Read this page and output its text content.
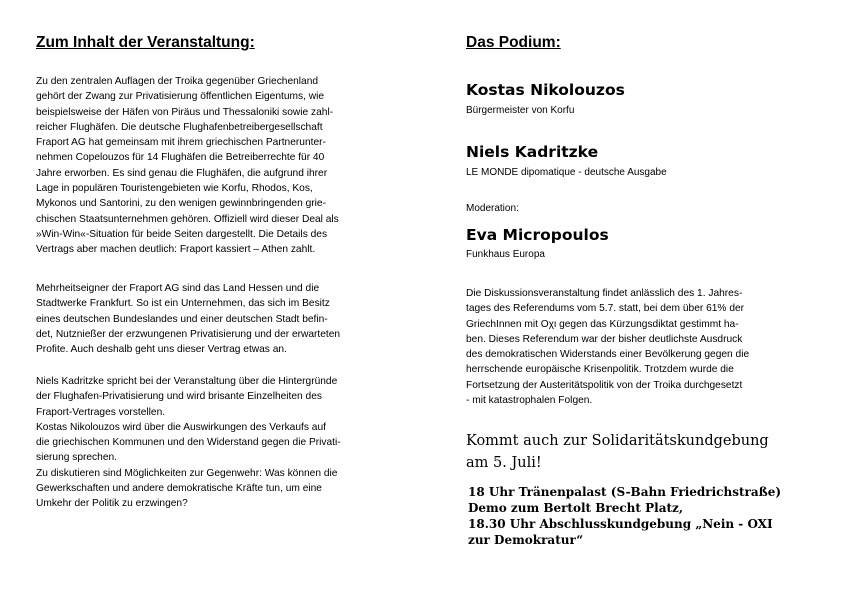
Zum Inhalt der Veranstaltung:
Zu den zentralen Auflagen der Troika gegenüber Griechenland
gehört der Zwang zur Privatisierung öffentlichen Eigentums, wie
beispielsweise der Häfen von Piräus und Thessaloniki sowie zahl-
reicher Flughäfen. Die deutsche Flughafenbetreibergesellschaft
Fraport AG hat gemeinsam mit ihrem griechischen Partnerunter-
nehmen Copelouzos für 14 Flughäfen die Betreiberrechte für 40
Jahre erworben. Es sind genau die Flughäfen, die aufgrund ihrer
Lage in populären Touristengebieten wie Korfu, Rhodos, Kos,
Mykonos und Santorini, zu den wenigen gewinnbringenden grie-
chischen Staatsunternehmen gehören. Offiziell wird dieser Deal als
»Win-Win«-Situation für beide Seiten dargestellt. Die Details des
Vertrags aber machen deutlich: Fraport kassiert – Athen zahlt.
Mehrheitseigner der Fraport AG sind das Land Hessen und die
Stadtwerke Frankfurt. So ist ein Unternehmen, das sich im Besitz
eines deutschen Bundeslandes und einer deutschen Stadt befin-
det, Nutznießer der erzwungenen Privatisierung und der erwarteten
Profite. Auch deshalb geht uns dieser Vertrag etwas an.
Niels Kadritzke spricht bei der Veranstaltung über die Hintergründe
der Flughafen-Privatisierung und wird brisante Einzelheiten des
Fraport-Vertrages vorstellen.
Kostas Nikolouzos wird über die Auswirkungen des Verkaufs auf
die griechischen Kommunen und den Widerstand gegen die Privati-
sierung sprechen.
Zu diskutieren sind Möglichkeiten zur Gegenwehr: Was können die
Gewerkschaften und andere demokratische Kräfte tun, um eine
Umkehr der Politik zu erzwingen?
Das Podium:
Kostas Nikolouzos
Bürgermeister von Korfu
Niels Kadritzke
LE MONDE dipomatique - deutsche Ausgabe
Moderation:
Eva Micropoulos
Funkhaus Europa
Die Diskussionsveranstaltung findet anlässlich des 1. Jahres-
tages des Referendums vom 5.7. statt, bei dem über 61% der
GriechInnen mit Oχι gegen das Kürzungsdiktat gestimmt ha-
ben. Dieses Referendum war der bisher deutlichste Ausdruck
des demokratischen Widerstands einer Bevölkerung gegen die
herrschende europäische Krisenpolitik. Trotzdem wurde die
Fortsetzung der Austeritätspolitik von der Troika durchgesetzt
- mit katastrophalen Folgen.
Kommt auch zur Solidaritätskundgebung
am 5. Juli!
18 Uhr Tränenpalast (S-Bahn Friedrichstraße)
Demo zum Bertolt Brecht Platz,
18.30 Uhr Abschlusskundgebung „Nein - OXI
zur Demokratur“
